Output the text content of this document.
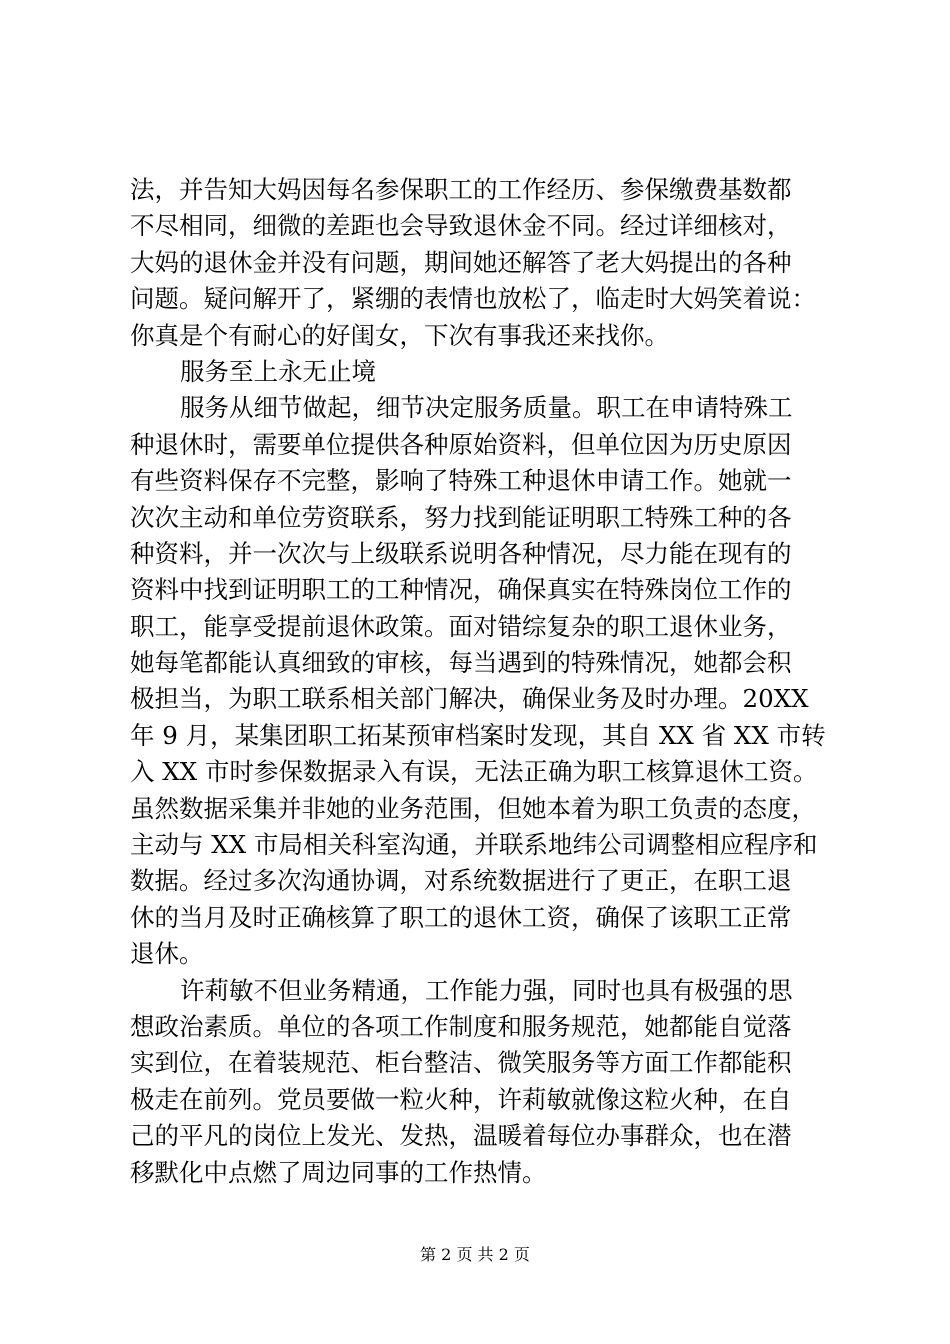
法，并告知大妈因每名参保职工的工作经历、参保缴费基数都
不尽相同，细微的差距也会导致退休金不同。经过详细核对，
大妈的退休金并没有问题，期间她还解答了老大妈提出的各种
问题。疑问解开了，紧绷的表情也放松了，临走时大妈笑着说：
你真是个有耐心的好闺女，下次有事我还来找你。
服务至上永无止境
服务从细节做起，细节决定服务质量。职工在申请特殊工
种退休时，需要单位提供各种原始资料，但单位因为历史原因
有些资料保存不完整，影响了特殊工种退休申请工作。她就一
次次主动和单位劳资联系，努力找到能证明职工特殊工种的各
种资料，并一次次与上级联系说明各种情况，尽力能在现有的
资料中找到证明职工的工种情况，确保真实在特殊岗位工作的
职工，能享受提前退休政策。面对错综复杂的职工退休业务，
她每笔都能认真细致的审核，每当遇到的特殊情况，她都会积
极担当，为职工联系相关部门解决，确保业务及时办理。20XX
年 9 月，某集团职工拓某预审档案时发现，其自 XX 省 XX 市转
入 XX 市时参保数据录入有误，无法正确为职工核算退休工资。
虽然数据采集并非她的业务范围，但她本着为职工负责的态度，
主动与 XX 市局相关科室沟通，并联系地纬公司调整相应程序和
数据。经过多次沟通协调，对系统数据进行了更正，在职工退
休的当月及时正确核算了职工的退休工资，确保了该职工正常
退休。
许莉敏不但业务精通，工作能力强，同时也具有极强的思
想政治素质。单位的各项工作制度和服务规范，她都能自觉落
实到位，在着装规范、柜台整洁、微笑服务等方面工作都能积
极走在前列。党员要做一粒火种，许莉敏就像这粒火种，在自
己的平凡的岗位上发光、发热，温暖着每位办事群众，也在潜
移默化中点燃了周边同事的工作热情。
第 2 页 共 2 页
